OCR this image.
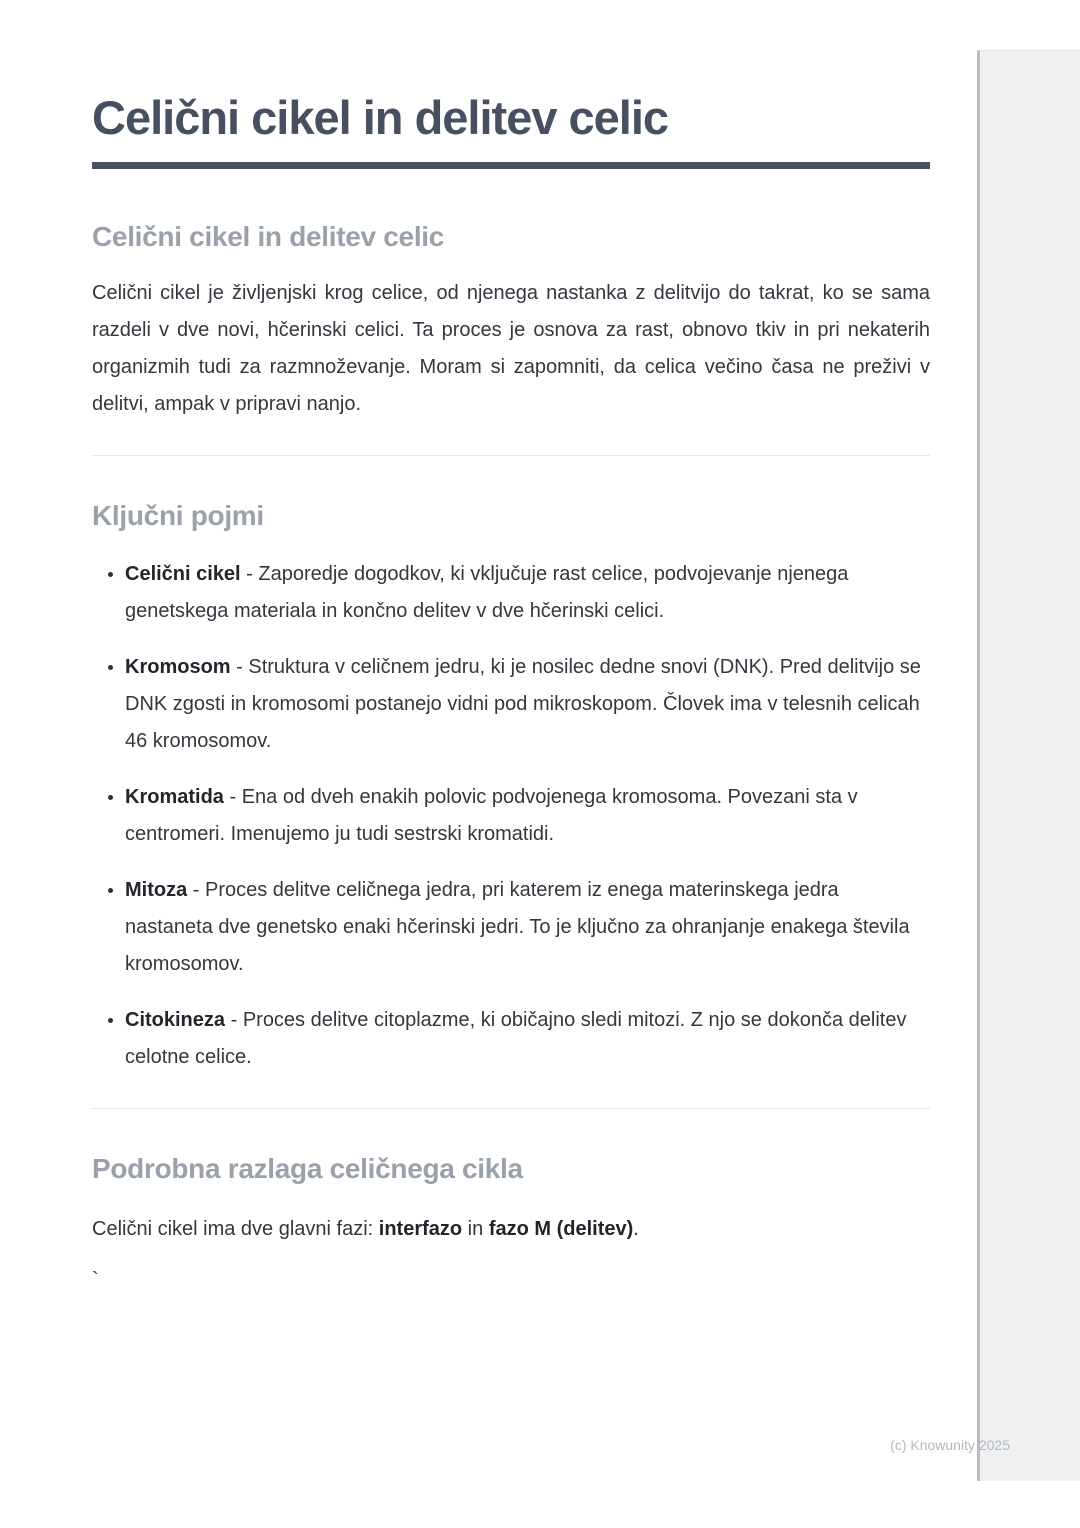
Celični cikel in delitev celic
Celični cikel in delitev celic

Celični cikel je življenjski krog celice, od njenega nastanka z delitvijo do takrat, ko se sama razdeli v dve novi, hčerinski celici. Ta proces je osnova za rast, obnovo tkiv in pri nekaterih organizmih tudi za razmnoževanje. Moram si zapomniti, da celica večino časa ne preživi v delitvi, ampak v pripravi nanjo.

Ključni pojmi
• Celični cikel - Zaporedje dogodkov, ki vključuje rast celice, podvojevanje njenega genetskega materiala in končno delitev v dve hčerinski celici.
• Kromosom - Struktura v celičnem jedru, ki je nosilec dedne snovi (DNK). Pred delitvijo se DNK zgosti in kromosomi postanejo vidni pod mikroskopom. Človek ima v telesnih celicah 46 kromosomov.
• Kromatida - Ena od dveh enakih polovic podvojenega kromosoma. Povezani sta v centromeri. Imenujemo ju tudi sestrski kromatidi.
• Mitoza - Proces delitve celičnega jedra, pri katerem iz enega materinskega jedra nastaneta dve genetsko enaki hčerinski jedri. To je ključno za ohranjanje enakega števila kromosomov.
• Citokineza - Proces delitve citoplazme, ki običajno sledi mitozi. Z njo se dokonča delitev celotne celice.
Podrobna razlaga celičnega cikla

Celični cikel ima dve glavni fazi: interfazo in fazo M (delitev).

`
(c) Knowunity 2025
